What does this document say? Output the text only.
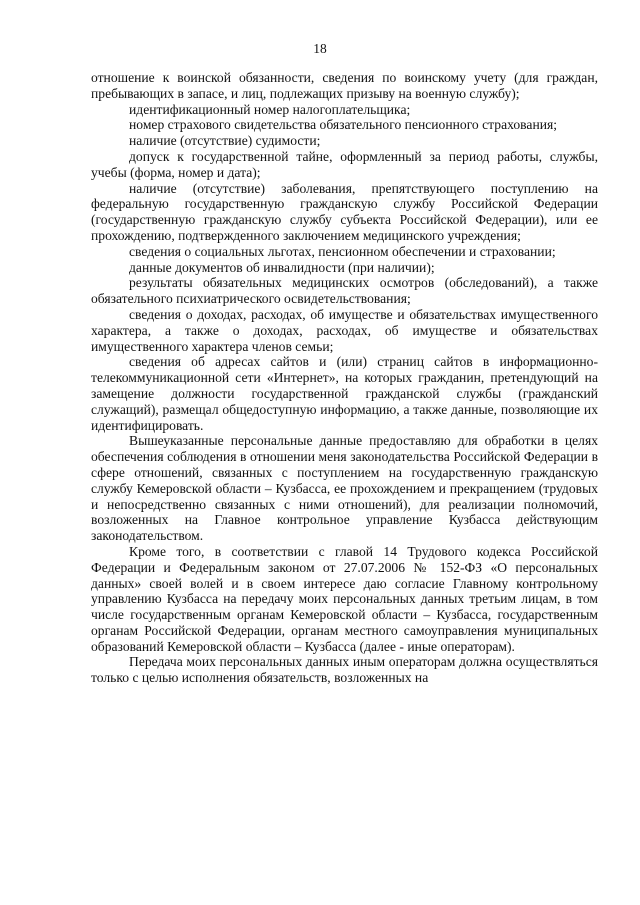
18

отношение к воинской обязанности, сведения по воинскому учету (для граждан, пребывающих в запасе, и лиц, подлежащих призыву на военную службу);

идентификационный номер налогоплательщика;

номер страхового свидетельства обязательного пенсионного страхования;

наличие (отсутствие) судимости;

допуск к государственной тайне, оформленный за период работы, службы, учебы (форма, номер и дата);

наличие (отсутствие) заболевания, препятствующего поступлению на федеральную государственную гражданскую службу Российской Федерации (государственную гражданскую службу субъекта Российской Федерации), или ее прохождению, подтвержденного заключением медицинского учреждения;

сведения о социальных льготах, пенсионном обеспечении и страховании;

данные документов об инвалидности (при наличии);

результаты обязательных медицинских осмотров (обследований), а также обязательного психиатрического освидетельствования;

сведения о доходах, расходах, об имуществе и обязательствах имущественного характера, а также о доходах, расходах, об имуществе и обязательствах имущественного характера членов семьи;

сведения об адресах сайтов и (или) страниц сайтов в информационно-телекоммуникационной сети «Интернет», на которых гражданин, претендующий на замещение должности государственной гражданской службы (гражданский служащий), размещал общедоступную информацию, а также данные, позволяющие их идентифицировать.

Вышеуказанные персональные данные предоставляю для обработки в целях обеспечения соблюдения в отношении меня законодательства Российской Федерации в сфере отношений, связанных с поступлением на государственную гражданскую службу Кемеровской области – Кузбасса, ее прохождением и прекращением (трудовых и непосредственно связанных с ними отношений), для реализации полномочий, возложенных на Главное контрольное управление Кузбасса действующим законодательством.

Кроме того, в соответствии с главой 14 Трудового кодекса Российской Федерации и Федеральным законом от 27.07.2006 № 152-ФЗ «О персональных данных» своей волей и в своем интересе даю согласие Главному контрольному управлению Кузбасса на передачу моих персональных данных третьим лицам, в том числе государственным органам Кемеровской области – Кузбасса, государственным органам Российской Федерации, органам местного самоуправления муниципальных образований Кемеровской области – Кузбасса (далее - иные операторам).

Передача моих персональных данных иным операторам должна осуществляться только с целью исполнения обязательств, возложенных на
